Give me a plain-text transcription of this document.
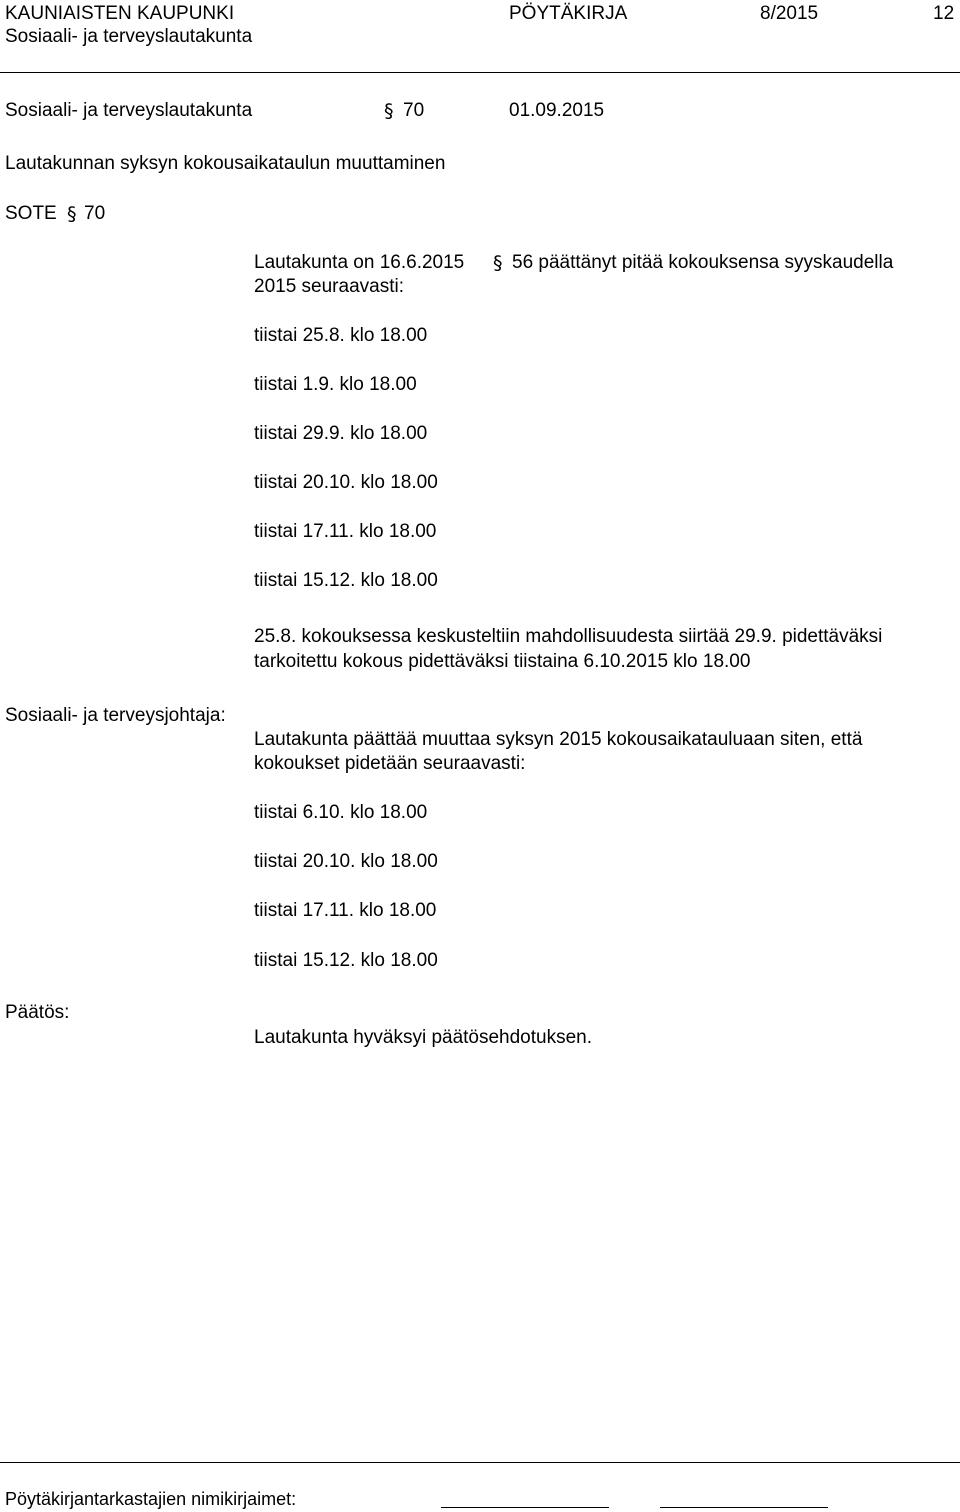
KAUNIAISTEN KAUPUNKI	PÖYTÄKIRJA	8/2015	12
Sosiaali- ja terveyslautakunta
Sosiaali- ja terveyslautakunta	§ 70	01.09.2015
Lautakunnan syksyn kokousaikataulun muuttaminen
SOTE § 70
Lautakunta on 16.6.2015 § 56 päättänyt pitää kokouksensa syyskaudella
2015 seuraavasti:
tiistai 25.8. klo 18.00
tiistai 1.9. klo 18.00
tiistai 29.9. klo 18.00
tiistai 20.10. klo 18.00
tiistai 17.11. klo 18.00
tiistai 15.12. klo 18.00
25.8. kokouksessa keskusteltiin mahdollisuudesta siirtää 29.9. pidettäväksi
tarkoitettu kokous pidettäväksi tiistaina 6.10.2015 klo 18.00
Sosiaali- ja terveysjohtaja:
Lautakunta päättää muuttaa syksyn 2015 kokousaikatauluaan siten, että
kokoukset pidetään seuraavasti:
tiistai 6.10. klo 18.00
tiistai 20.10. klo 18.00
tiistai 17.11. klo 18.00
tiistai 15.12. klo 18.00
Päätös:
Lautakunta hyväksyi päätösehdotuksen.
Pöytäkirjantarkastajien nimikirjaimet:
